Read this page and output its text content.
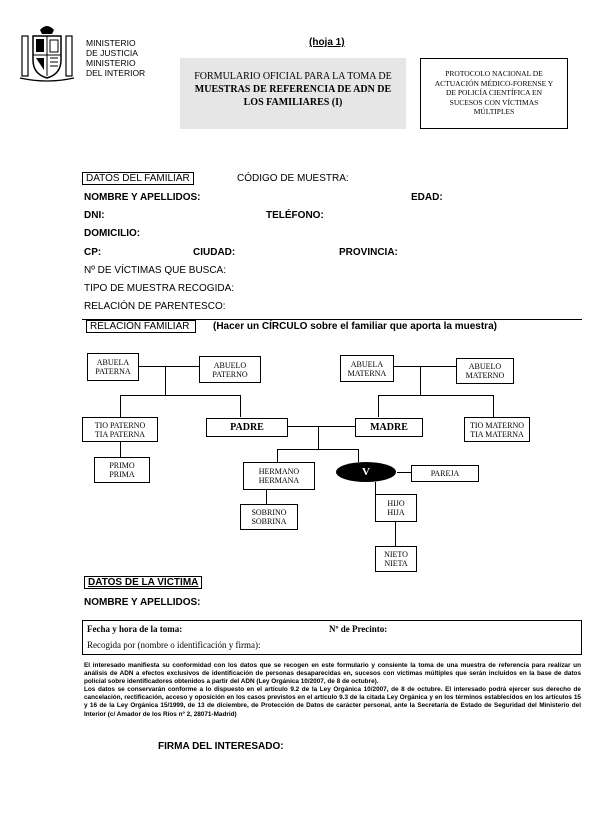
MINISTERIO
DE JUSTICIA
MINISTERIO
DEL INTERIOR
(hoja 1)
FORMULARIO OFICIAL PARA LA TOMA DE
MUESTRAS DE REFERENCIA DE ADN DE
LOS FAMILIARES (I)
PROTOCOLO NACIONAL DE
ACTUACIÓN MÉDICO-FORENSE Y
DE POLICÍA CIENTÍFICA EN
SUCESOS CON VÍCTIMAS
MÚLTIPLES
DATOS DEL FAMILIAR	CÓDIGO DE MUESTRA:
NOMBRE Y APELLIDOS:	EDAD:
DNI:	TELÉFONO:
DOMICILIO:
CP:	CIUDAD:	PROVINCIA:
Nº DE VÍCTIMAS QUE BUSCA:
TIPO DE MUESTRA RECOGIDA:
RELACIÓN DE PARENTESCO:
RELACIÓN FAMILIAR	(Hacer un CÍRCULO sobre el familiar que aporta la muestra)
ABUELA
PATERNA
ABUELO
PATERNO
ABUELA
MATERNA
ABUELO
MATERNO
TIO PATERNO
TIA PATERNA
PADRE	MADRE	TIO MATERNO
TIA MATERNA
PRIMO
PRIMA	HERMANO
HERMANA
V	PAREJA
SOBRINO
SOBRINA
HIJO
HIJA
NIETO
NIETA
DATOS DE LA VÍCTIMA
NOMBRE Y APELLIDOS:
Fecha y hora de la toma:	Nº de Precinto:
Recogida por (nombre o identificación y firma):
El interesado manifiesta su conformidad con los datos que se recogen en este formulario y consiente la toma de una muestra de referencia para realizar un análisis de ADN a efectos exclusivos de identificación de personas desaparecidas en, sucesos con víctimas múltiples que serán incluidos en la base de datos policial sobre identificadores obtenidos a partir del ADN (Ley Orgánica 10/2007, de 8 de octubre).
Los datos se conservarán conforme a lo dispuesto en el artículo 9.2 de la Ley Orgánica 10/2007, de 8 de octubre. El interesado podrá ejercer sus derecho de cancelación, rectificación, acceso y oposición en los casos previstos en el artículo 9.3 de la citada Ley Orgánica y en los términos establecidos en los artículos 15 y 16 de la Ley Orgánica 15/1999, de 13 de diciembre, de Protección de Datos de carácter personal, ante la Secretaría de Estado de Seguridad del Ministerio del Interior (c/ Amador de los Ríos nº 2, 28071-Madrid)
FIRMA DEL INTERESADO:
